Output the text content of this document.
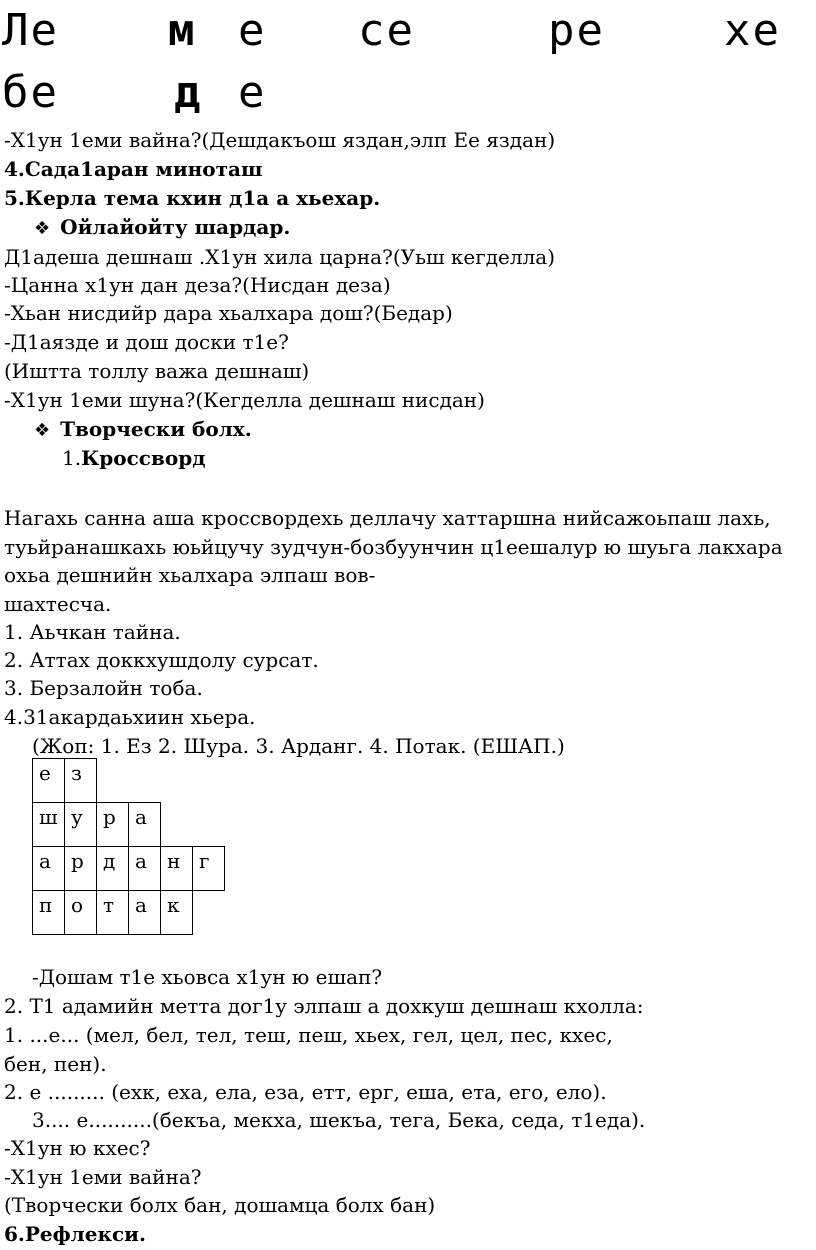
Ле м е се	ре	хе
бе	д е
-Х1ун 1еми вайна?(Дешдакъош яздан,элп Ее яздан)
4.Сада1аран минoташ
5.Керла тема кхин д1а а хьехар.
❖ Ойлайойту шардар.
Д1адеша дешнаш .Х1ун хила царна?(Уьш кегделла)
-Цанна х1ун дан деза?(Нисдан деза)
-Хьан нисдийр дара хьалхара дош?(Бедар)
-Д1аязде и дош доски т1е?
(Иштта толлу важа дешнаш)
-Х1ун 1еми шуна?(Кегделла дешнаш нисдан)
❖ Творчески болх.
1.Кроссворд
Нагахь санна аша кроссвордехь деллачу хаттаршна нийсажоьпаш лахь,
туьйранашкахь юьйцучу зудчун-бозбуунчин ц1еешалур ю шуьга лакхара
охьа дешнийн хьалхара элпаш вов-
шахтесча.
1. Аьчкан тайна.
2. Аттах доккхушдолу сурсат.
3. Берзалойн тоба.
4.31акардаьхиин хьера.
(Жоп: 1. Ез 2. Шура. 3. Арданг. 4. Потак. (ЕШАП.)
е	з				
ш	у	р	а		
а	р	д	а	н	г
п	о	т	а	к	
-Дошам т1е хьовса х1ун ю ешап?
2. Т1 адамийн метта дог1у элпаш а дохкуш дешнаш кхолла:
1. ...е... (мел, бел, тел, теш, пеш, хьех, гел, цел, пес, кхес,
бен, пен).
2. е ......... (ехк, еха, ела, еза, етт, ерг, еша, ета, его, ело).
3.... е..........(бекъа, мекха, шекъа, тега, Бека, седа, т1еда).
-Х1ун ю кхес?
-Х1ун 1еми вайна?
(Творчески болх бан, дошамца болх бан)
6.Рефлекси.
